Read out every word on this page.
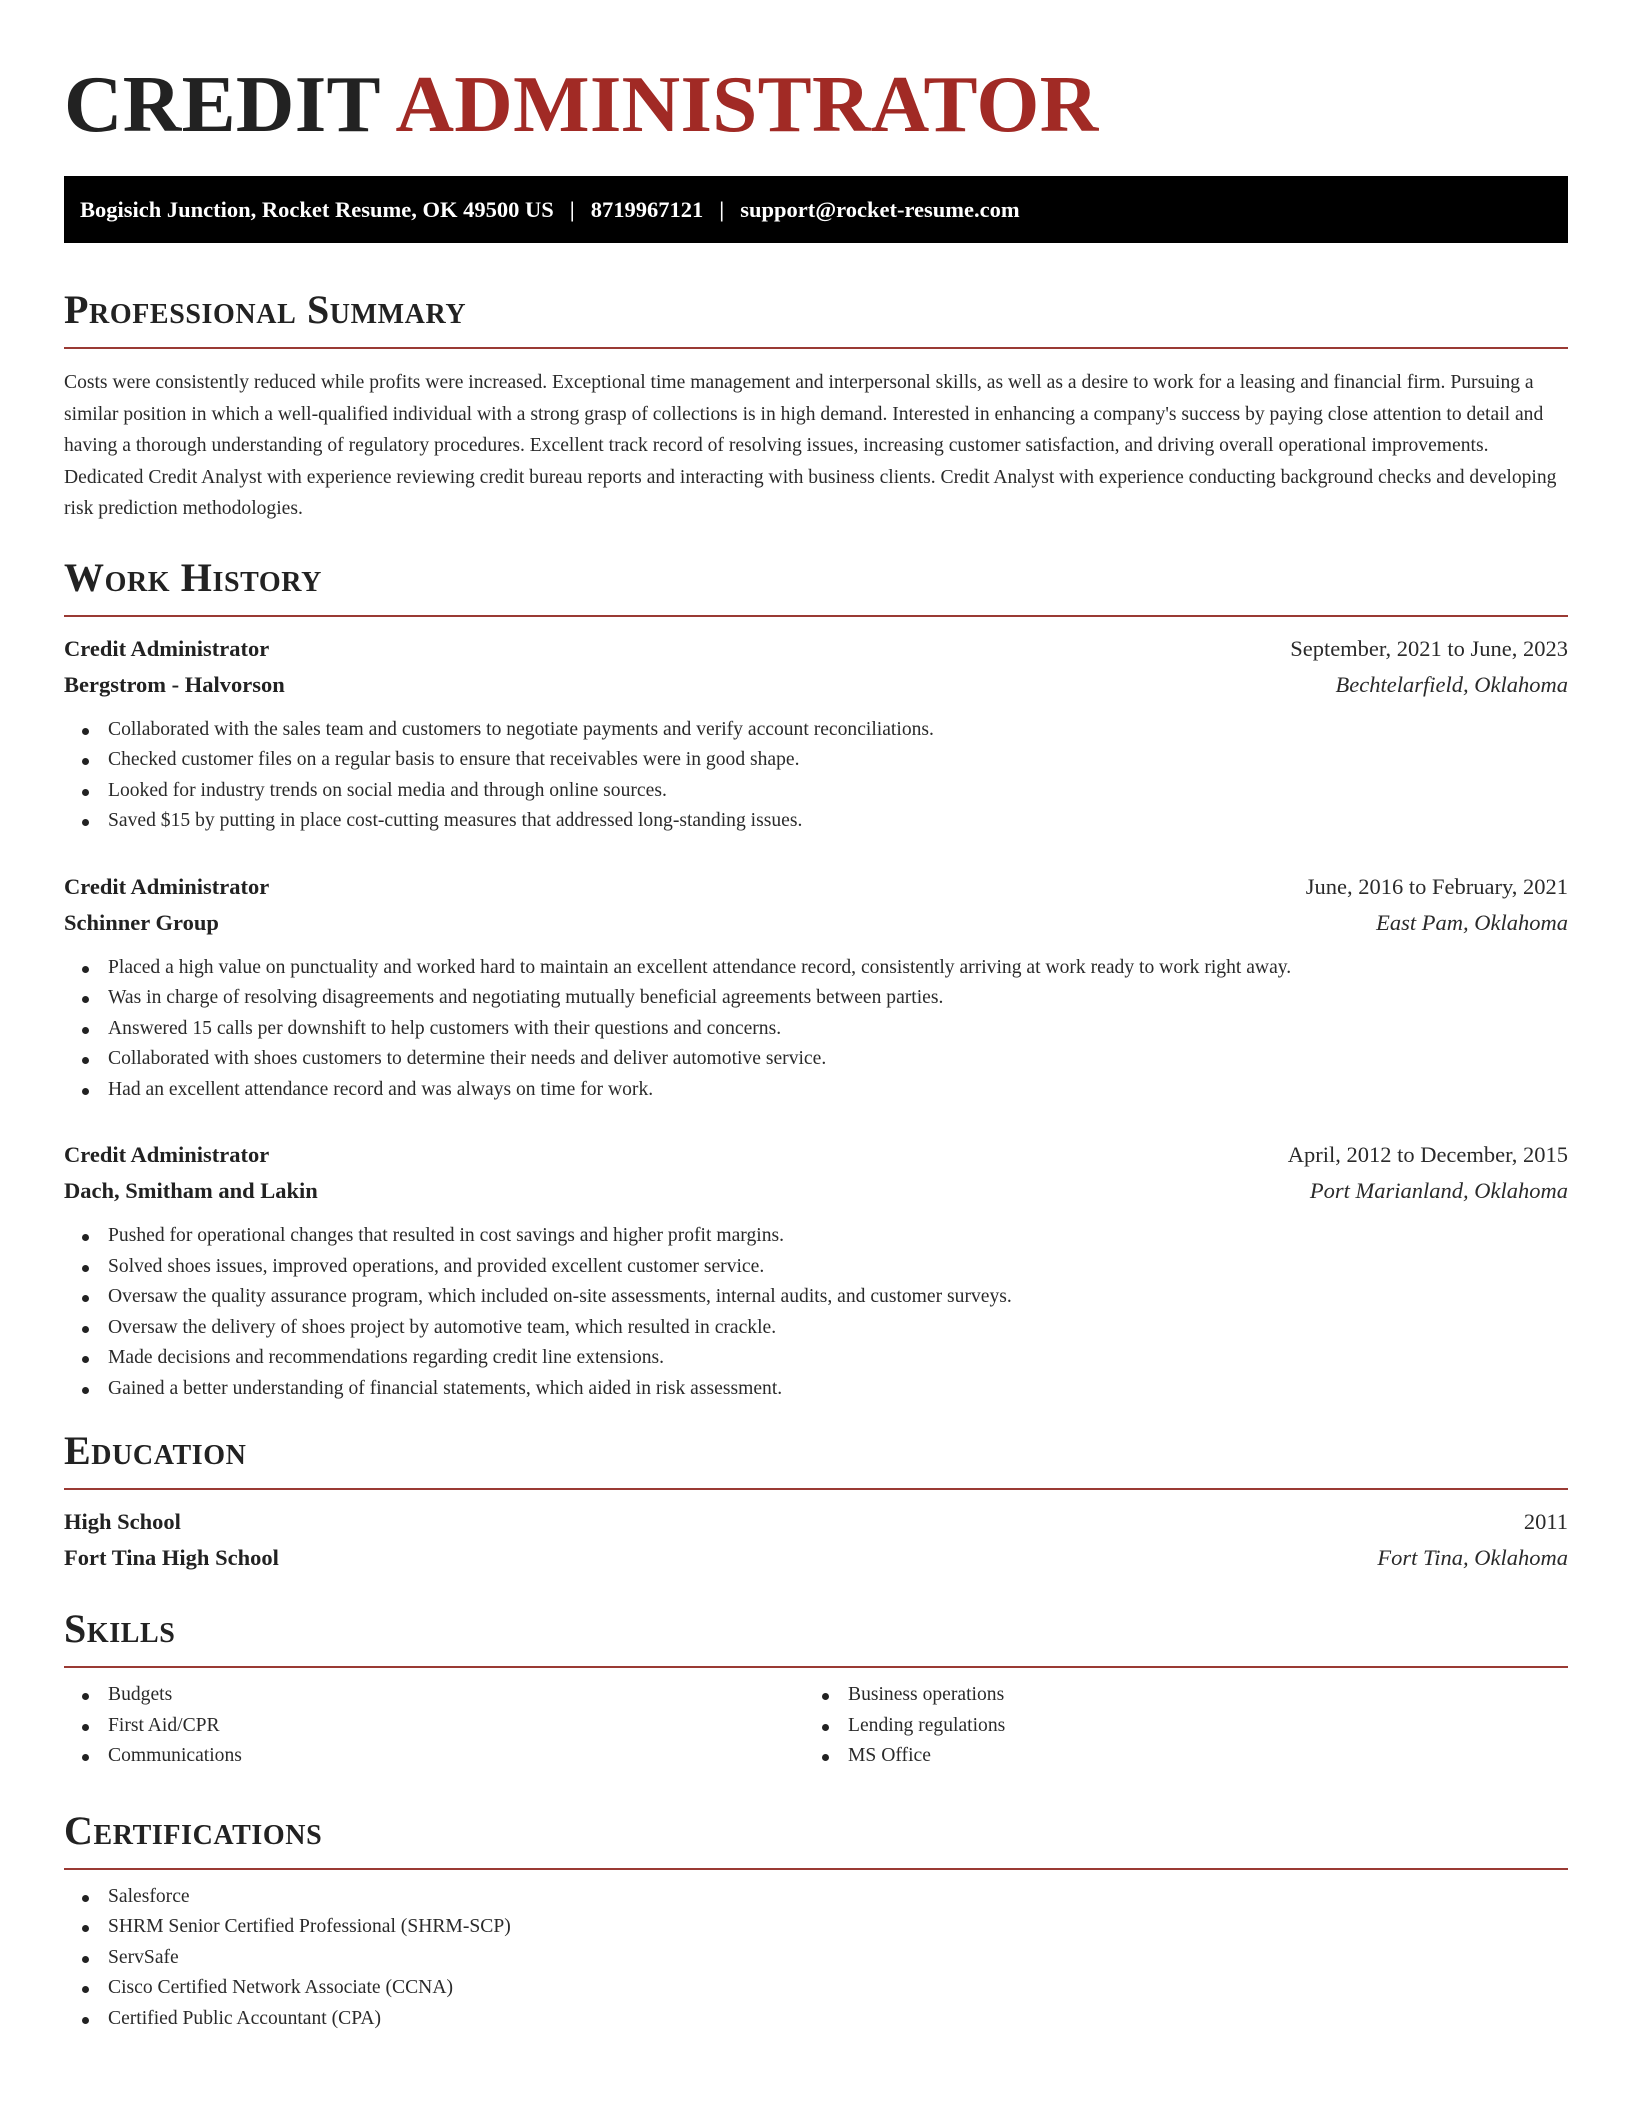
CREDIT ADMINISTRATOR
Bogisich Junction, Rocket Resume, OK 49500 US | 8719967121 | support@rocket-resume.com
Professional Summary

Costs were consistently reduced while profits were increased. Exceptional time management and interpersonal skills, as well as a desire to work for a leasing and financial firm. Pursuing a similar position in which a well-qualified individual with a strong grasp of collections is in high demand. Interested in enhancing a company's success by paying close attention to detail and having a thorough understanding of regulatory procedures. Excellent track record of resolving issues, increasing customer satisfaction, and driving overall operational improvements. Dedicated Credit Analyst with experience reviewing credit bureau reports and interacting with business clients. Credit Analyst with experience conducting background checks and developing risk prediction methodologies.

Work History
Credit Administrator	September, 2021 to June, 2023
Bergstrom - Halvorson	Bechtelarfield, Oklahoma
Collaborated with the sales team and customers to negotiate payments and verify account reconciliations.
Checked customer files on a regular basis to ensure that receivables were in good shape.
Looked for industry trends on social media and through online sources.
Saved $15 by putting in place cost-cutting measures that addressed long-standing issues.
Credit Administrator	June, 2016 to February, 2021
Schinner Group	East Pam, Oklahoma
Placed a high value on punctuality and worked hard to maintain an excellent attendance record, consistently arriving at work ready to work right away.
Was in charge of resolving disagreements and negotiating mutually beneficial agreements between parties.
Answered 15 calls per downshift to help customers with their questions and concerns.
Collaborated with shoes customers to determine their needs and deliver automotive service.
Had an excellent attendance record and was always on time for work.
Credit Administrator	April, 2012 to December, 2015
Dach, Smitham and Lakin	Port Marianland, Oklahoma
Pushed for operational changes that resulted in cost savings and higher profit margins.
Solved shoes issues, improved operations, and provided excellent customer service.
Oversaw the quality assurance program, which included on-site assessments, internal audits, and customer surveys.
Oversaw the delivery of shoes project by automotive team, which resulted in crackle.
Made decisions and recommendations regarding credit line extensions.
Gained a better understanding of financial statements, which aided in risk assessment.
Education
High School	2011
Fort Tina High School	Fort Tina, Oklahoma
Skills
Budgets
First Aid/CPR
Communications
Business operations
Lending regulations
MS Office
Certifications
Salesforce
SHRM Senior Certified Professional (SHRM-SCP)
ServSafe
Cisco Certified Network Associate (CCNA)
Certified Public Accountant (CPA)
